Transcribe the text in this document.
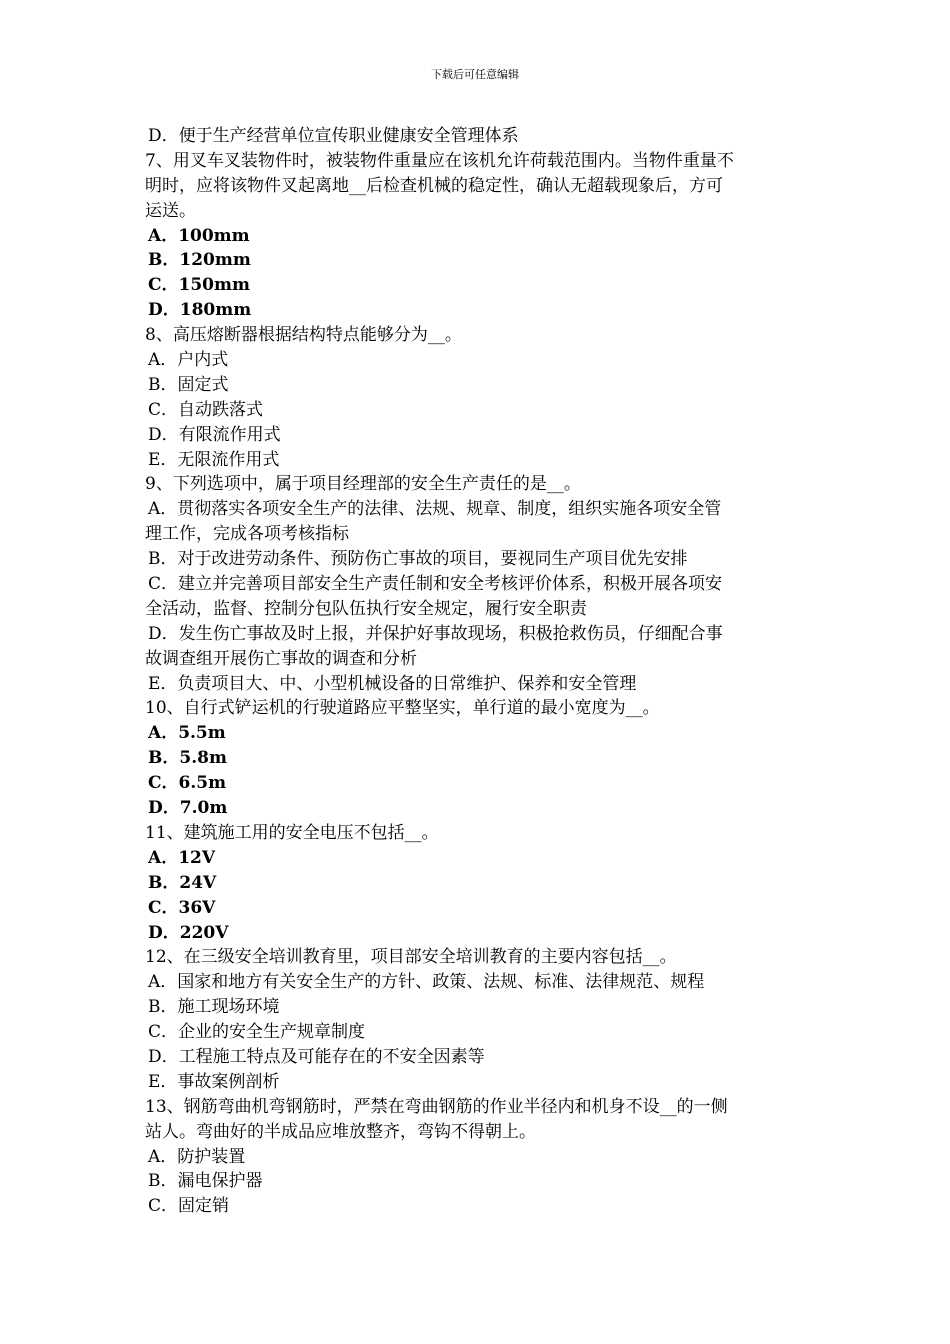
下载后可任意编辑
D．便于生产经营单位宣传职业健康安全管理体系
7、用叉车叉装物件时，被装物件重量应在该机允许荷载范围内。当物件重量不
明时，应将该物件叉起离地__后检查机械的稳定性，确认无超载现象后，方可
运送。
A．100mm
B．120mm
C．150mm
D．180mm
8、高压熔断器根据结构特点能够分为__。
A．户内式
B．固定式
C．自动跌落式
D．有限流作用式
E．无限流作用式
9、下列选项中，属于项目经理部的安全生产责任的是__。
A．贯彻落实各项安全生产的法律、法规、规章、制度，组织实施各项安全管
理工作，完成各项考核指标
B．对于改进劳动条件、预防伤亡事故的项目，要视同生产项目优先安排
C．建立并完善项目部安全生产责任制和安全考核评价体系，积极开展各项安
全活动，监督、控制分包队伍执行安全规定，履行安全职责
D．发生伤亡事故及时上报，并保护好事故现场，积极抢救伤员，仔细配合事
故调查组开展伤亡事故的调查和分析
E．负责项目大、中、小型机械设备的日常维护、保养和安全管理
10、自行式铲运机的行驶道路应平整坚实，单行道的最小宽度为__。
A．5.5m
B．5.8m
C．6.5m
D．7.0m
11、建筑施工用的安全电压不包括__。
A．12V
B．24V
C．36V
D．220V
12、在三级安全培训教育里，项目部安全培训教育的主要内容包括__。
A．国家和地方有关安全生产的方针、政策、法规、标准、法律规范、规程
B．施工现场环境
C．企业的安全生产规章制度
D．工程施工特点及可能存在的不安全因素等
E．事故案例剖析
13、钢筋弯曲机弯钢筋时，严禁在弯曲钢筋的作业半径内和机身不设__的一侧
站人。弯曲好的半成品应堆放整齐，弯钩不得朝上。
A．防护装置
B．漏电保护器
C．固定销
